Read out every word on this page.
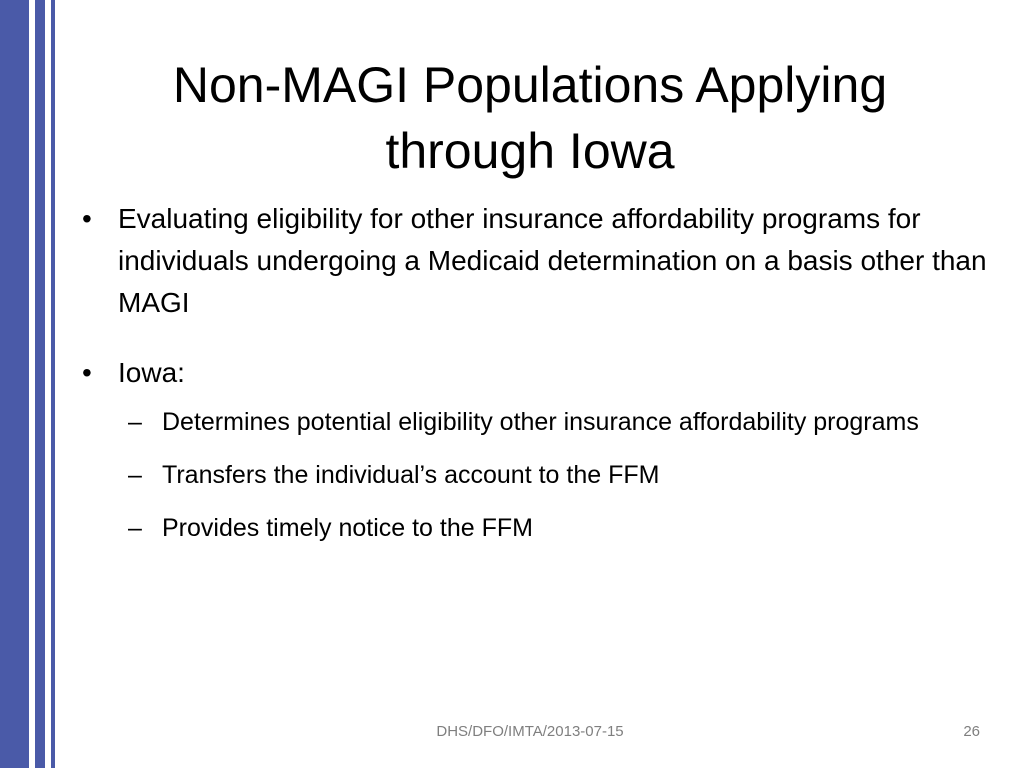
Non-MAGI Populations Applying
through Iowa
• Evaluating eligibility for other insurance affordability programs for individuals undergoing a Medicaid determination on a basis other than MAGI
• Iowa:
– Determines potential eligibility other insurance affordability programs
– Transfers the individual’s account to the FFM
– Provides timely notice to the FFM
DHS/DFO/IMTA/2013-07-15	26
